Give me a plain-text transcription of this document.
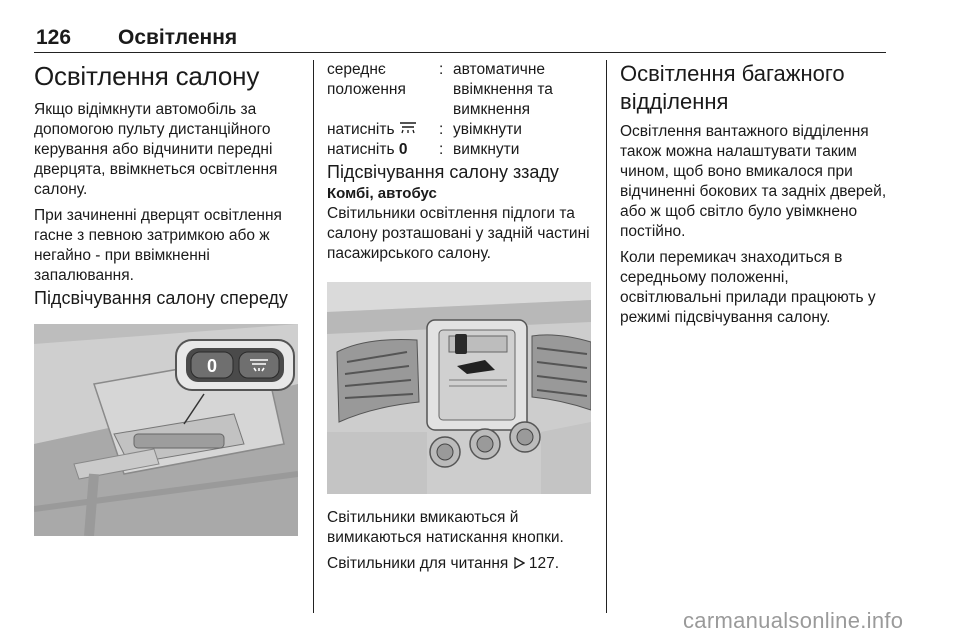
126 Освітлення
Освітлення салону

Якщо відімкнути автомобіль за допомогою пульту дистанційного керування або відчинити передні дверцята, ввімкнеться освітлення салону.

При зачиненні дверцят освітлення гасне з певною затримкою або ж негайно - при ввімкненні запалювання.

Підсвічування салону спереду
0
середнє положення
: автоматичне ввімкнення та вимкнення
натисніть	: увімкнути
натисніть 0	: вимкнути
Підсвічування салону ззаду
Комбі, автобус

Світильники освітлення підлоги та салону розташовані у задній частині пасажирського салону.

Світильники вмикаються й вимикаються натискання кнопки.

Світильники для читання 127.

Освітлення багажного відділення

Освітлення вантажного відділення також можна налаштувати таким чином, щоб воно вмикалося при відчиненні бокових та задніх дверей, або ж щоб світло було увімкнено постійно.

Коли перемикач знаходиться в середньому положенні, освітлювальні прилади працюють у режимі підсвічування салону.

carmanualsonline.info
